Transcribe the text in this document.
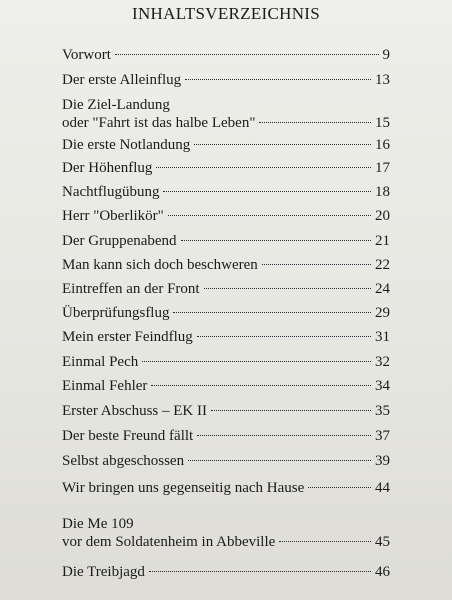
INHALTSVERZEICHNIS
Vorwort	9
Der erste Alleinflug	13
Die Ziel-Landung
oder "Fahrt ist das halbe Leben"	15
Die erste Notlandung	16
Der Höhenflug	17
Nachtflugübung	18
Herr "Oberlikör"	20
Der Gruppenabend	21
Man kann sich doch beschweren	22
Eintreffen an der Front	24
Überprüfungsflug	29
Mein erster Feindflug	31
Einmal Pech	32
Einmal Fehler	34
Erster Abschuss – EK II	35
Der beste Freund fällt	37
Selbst abgeschossen	39
Wir bringen uns gegenseitig nach Hause	44
Die Me 109
vor dem Soldatenheim in Abbeville	45
Die Treibjagd	46
